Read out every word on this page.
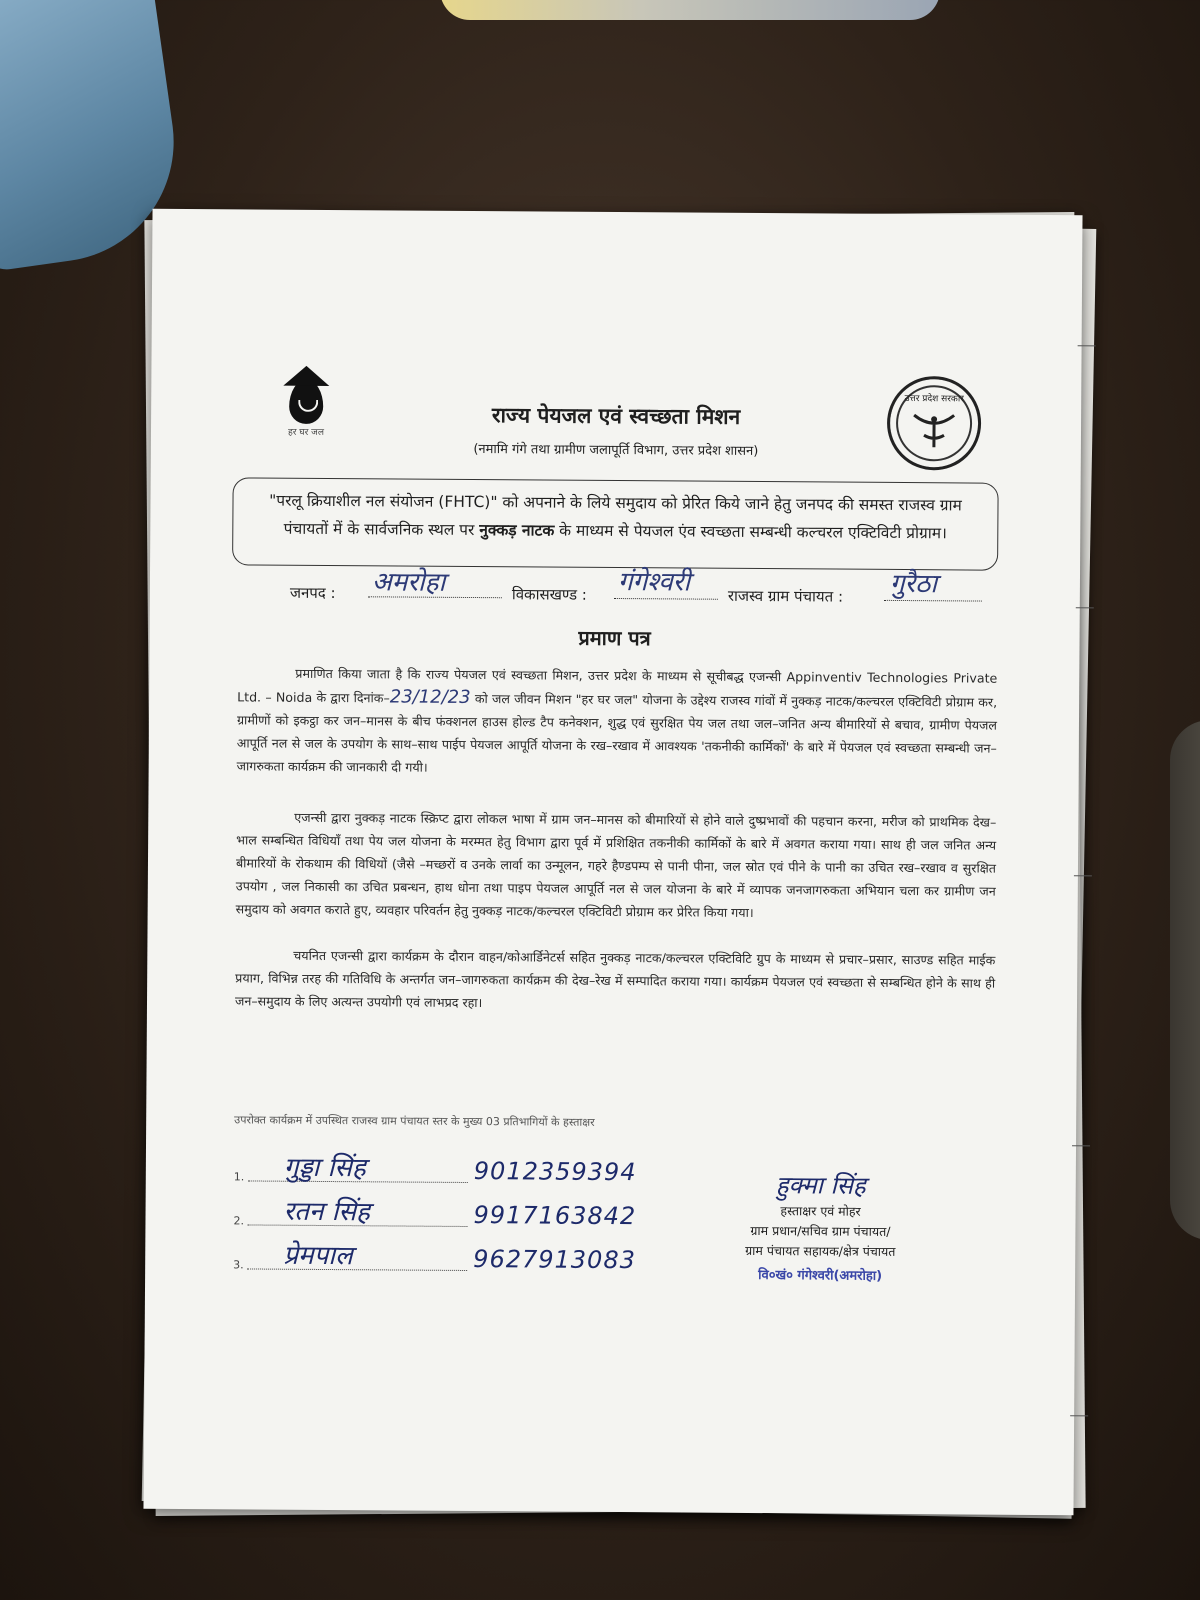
हर घर जल
उत्तर प्रदेश सरकार
राज्य पेयजल एवं स्वच्छता मिशन
(नमामि गंगे तथा ग्रामीण जलापूर्ति विभाग, उत्तर प्रदेश शासन)
"परलू क्रियाशील नल संयोजन (FHTC)" को अपनाने के लिये समुदाय को प्रेरित किये जाने हेतु जनपद की समस्त राजस्व ग्राम पंचायतों में के सार्वजनिक स्थल पर नुक्कड़ नाटक के माध्यम से पेयजल एंव स्वच्छता सम्बन्धी कल्चरल एक्टिविटी प्रोग्राम।
जनपद : अमरोहा	विकासखण्ड : गंगेश्वरी	राजस्व ग्राम पंचायत : गुरैठा
प्रमाण पत्र
प्रमाणित किया जाता है कि राज्य पेयजल एवं स्वच्छता मिशन, उत्तर प्रदेश के माध्यम से सूचीबद्ध एजन्सी Appinventiv Technologies Private Ltd. – Noida के द्वारा दिनांक–23/12/23 को जल जीवन मिशन "हर घर जल" योजना के उद्देश्य राजस्व गांवों में नुक्कड़ नाटक/कल्चरल एक्टिविटी प्रोग्राम कर, ग्रामीणों को इकट्ठा कर जन–मानस के बीच फंक्शनल हाउस होल्ड टैप कनेक्शन, शुद्ध एवं सुरक्षित पेय जल तथा जल–जनित अन्य बीमारियों से बचाव, ग्रामीण पेयजल आपूर्ति नल से जल के उपयोग के साथ–साथ पाईप पेयजल आपूर्ति योजना के रख–रखाव में आवश्यक 'तकनीकी कार्मिकों' के बारे में पेयजल एवं स्वच्छता सम्बन्धी जन–जागरुकता कार्यक्रम की जानकारी दी गयी।
एजन्सी द्वारा नुक्कड़ नाटक स्क्रिप्ट द्वारा लोकल भाषा में ग्राम जन–मानस को बीमारियों से होने वाले दुष्प्रभावों की पहचान करना, मरीज को प्राथमिक देख–भाल सम्बन्धित विधियाँ तथा पेय जल योजना के मरम्मत हेतु विभाग द्वारा पूर्व में प्रशिक्षित तकनीकी कार्मिकों के बारे में अवगत कराया गया। साथ ही जल जनित अन्य बीमारियों के रोकथाम की विधियों (जैसे –मच्छरों व उनके लार्वा का उन्मूलन, गहरे हैण्डपम्प से पानी पीना, जल स्रोत एवं पीने के पानी का उचित रख–रखाव व सुरक्षित उपयोग , जल निकासी का उचित प्रबन्धन, हाथ धोना तथा पाइप पेयजल आपूर्ति नल से जल योजना के बारे में व्यापक जनजागरुकता अभियान चला कर ग्रामीण जन समुदाय को अवगत कराते हुए, व्यवहार परिवर्तन हेतु नुक्कड़ नाटक/कल्चरल एक्टिविटी प्रोग्राम कर प्रेरित किया गया।
चयनित एजन्सी द्वारा कार्यक्रम के दौरान वाहन/कोआर्डिनेटर्स सहित नुक्कड़ नाटक/कल्चरल एक्टिविटि ग्रुप के माध्यम से प्रचार–प्रसार, साउण्ड सहित माईक प्रयाग, विभिन्न तरह की गतिविधि के अन्तर्गत जन–जागरुकता कार्यक्रम की देख–रेख में सम्पादित कराया गया। कार्यक्रम पेयजल एवं स्वच्छता से सम्बन्धित होने के साथ ही जन–समुदाय के लिए अत्यन्त उपयोगी एवं लाभप्रद रहा।
उपरोक्त कार्यक्रम में उपस्थित राजस्व ग्राम पंचायत स्तर के मुख्य 03 प्रतिभागियों के हस्ताक्षर
1. गुड्डा सिंह	9012359394
2. रतन सिंह	9917163842
3. प्रेमपाल	9627913083
हुक्मा सिंह
हस्ताक्षर एवं मोहर
ग्राम प्रधान/सचिव ग्राम पंचायत/
ग्राम पंचायत सहायक/क्षेत्र पंचायत
वि०खं० गंगेश्वरी(अमरोहा)
